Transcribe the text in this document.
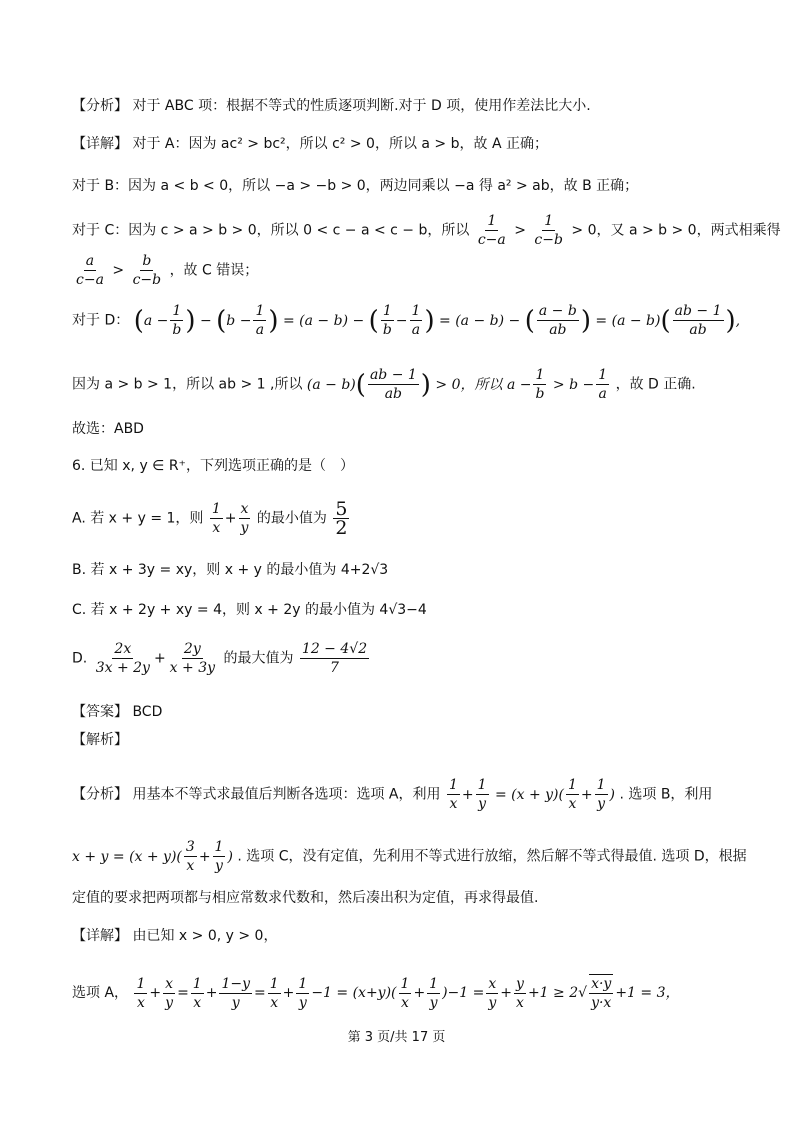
【分析】 对于 ABC 项：根据不等式的性质逐项判断.对于 D 项，使用作差法比大小.
【详解】 对于 A：因为 ac² > bc²，所以 c² > 0，所以 a > b，故 A 正确；
对于 B：因为 a < b < 0，所以 −a > −b > 0，两边同乘以 −a 得 a² > ab，故 B 正确；
对于 C：因为 c > a > b > 0，所以 0 < c − a < c − b，所以 $\frac{1}{c-a} > \frac{1}{c-b} > 0$，又 a > b > 0，两式相乘得
$\frac{a}{c-a} > \frac{b}{c-b}$ ，故 C 错误；
对于 D： ($a - \frac{1}{b}$ ) − ($b - \frac{1}{a}$ ) = (a − b) − ( $\frac{1}{b} - \frac{1}{a}$ ) = (a − b) − ( $\frac{a - b}{ab}$ ) = $(a - b)( \frac{ab - 1}{ab}$ ),
因为 a > b > 1，所以 ab > 1 ,所以 $(a - b)( \frac{ab - 1}{ab}$ ) > 0，所以 $a - \frac{1}{b} > b - \frac{1}{a}$ ，故 D 正确.
故选：ABD
6. 已知 x, y ∈ R⁺，下列选项正确的是（　）
A. 若 x + y = 1，则 $\frac{1}{x} + \frac{x}{y}$ 的最小值为 $\frac{5}{2}$
B. 若 x + 3y = xy，则 x + y 的最小值为 4+2√3
C. 若 x + 2y + xy = 4，则 x + 2y 的最小值为 4√3−4
D. $\frac{2x}{3x + 2y} + \frac{2y}{x + 3y}$ 的最大值为 $\frac{12 - 4√2}{7}$
【答案】 BCD
【解析】
【分析】 用基本不等式求最值后判断各选项：选项 A，利用 $\frac{1}{x} + \frac{1}{y} = (x + y)( \frac{1}{x} + \frac{1}{y}$ ) . 选项 B，利用
$x + y = (x + y)( \frac{3}{x} + \frac{1}{y}$ ) . 选项 C，没有定值，先利用不等式进行放缩，然后解不等式得最值. 选项 D，根据
定值的要求把两项都与相应常数求代数和，然后凑出积为定值，再求得最值.
【详解】 由已知 x > 0, y > 0，
选项 A， $\frac{1}{x} + \frac{x}{y} = \frac{1}{x} + \frac{1-y}{y} = \frac{1}{x} + \frac{1}{y} -1 = (x+y)( \frac{1}{x} + \frac{1}{y} )-1 = \frac{x}{y} + \frac{y}{x} +1 \ge 2√ \frac{x\cdot y}{y\cdot x} +1 = 3$，
第 3 页/共 17 页
